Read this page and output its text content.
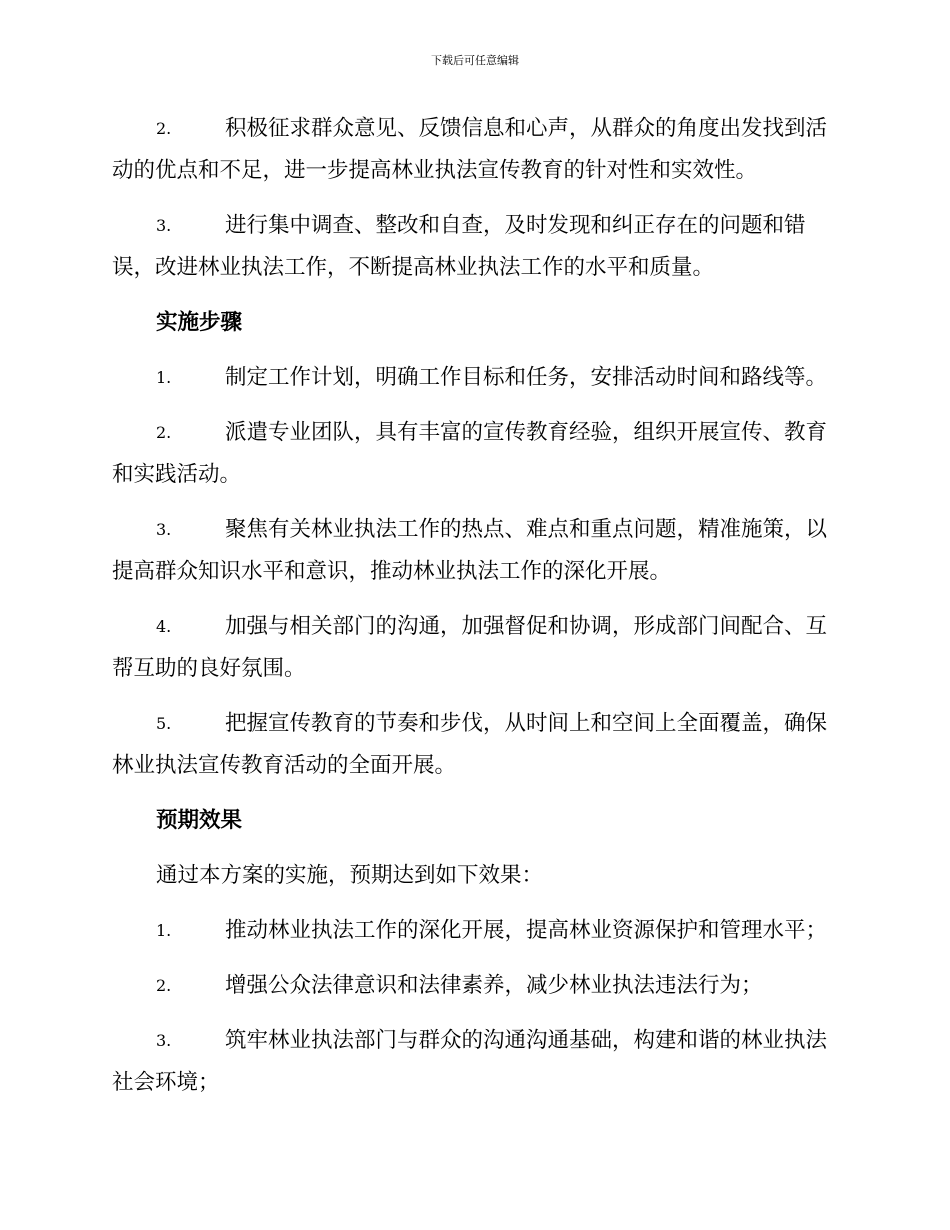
下载后可任意编辑
2. 积极征求群众意见、反馈信息和心声，从群众的角度出发找到活动的优点和不足，进一步提高林业执法宣传教育的针对性和实效性。
3. 进行集中调查、整改和自查，及时发现和纠正存在的问题和错误，改进林业执法工作，不断提高林业执法工作的水平和质量。
实施步骤
1. 制定工作计划，明确工作目标和任务，安排活动时间和路线等。
2. 派遣专业团队，具有丰富的宣传教育经验，组织开展宣传、教育和实践活动。
3. 聚焦有关林业执法工作的热点、难点和重点问题，精准施策，以提高群众知识水平和意识，推动林业执法工作的深化开展。
4. 加强与相关部门的沟通，加强督促和协调，形成部门间配合、互帮互助的良好氛围。
5. 把握宣传教育的节奏和步伐，从时间上和空间上全面覆盖，确保林业执法宣传教育活动的全面开展。
预期效果
通过本方案的实施，预期达到如下效果：
1. 推动林业执法工作的深化开展，提高林业资源保护和管理水平；
2. 增强公众法律意识和法律素养，减少林业执法违法行为；
3. 筑牢林业执法部门与群众的沟通沟通基础，构建和谐的林业执法社会环境；
